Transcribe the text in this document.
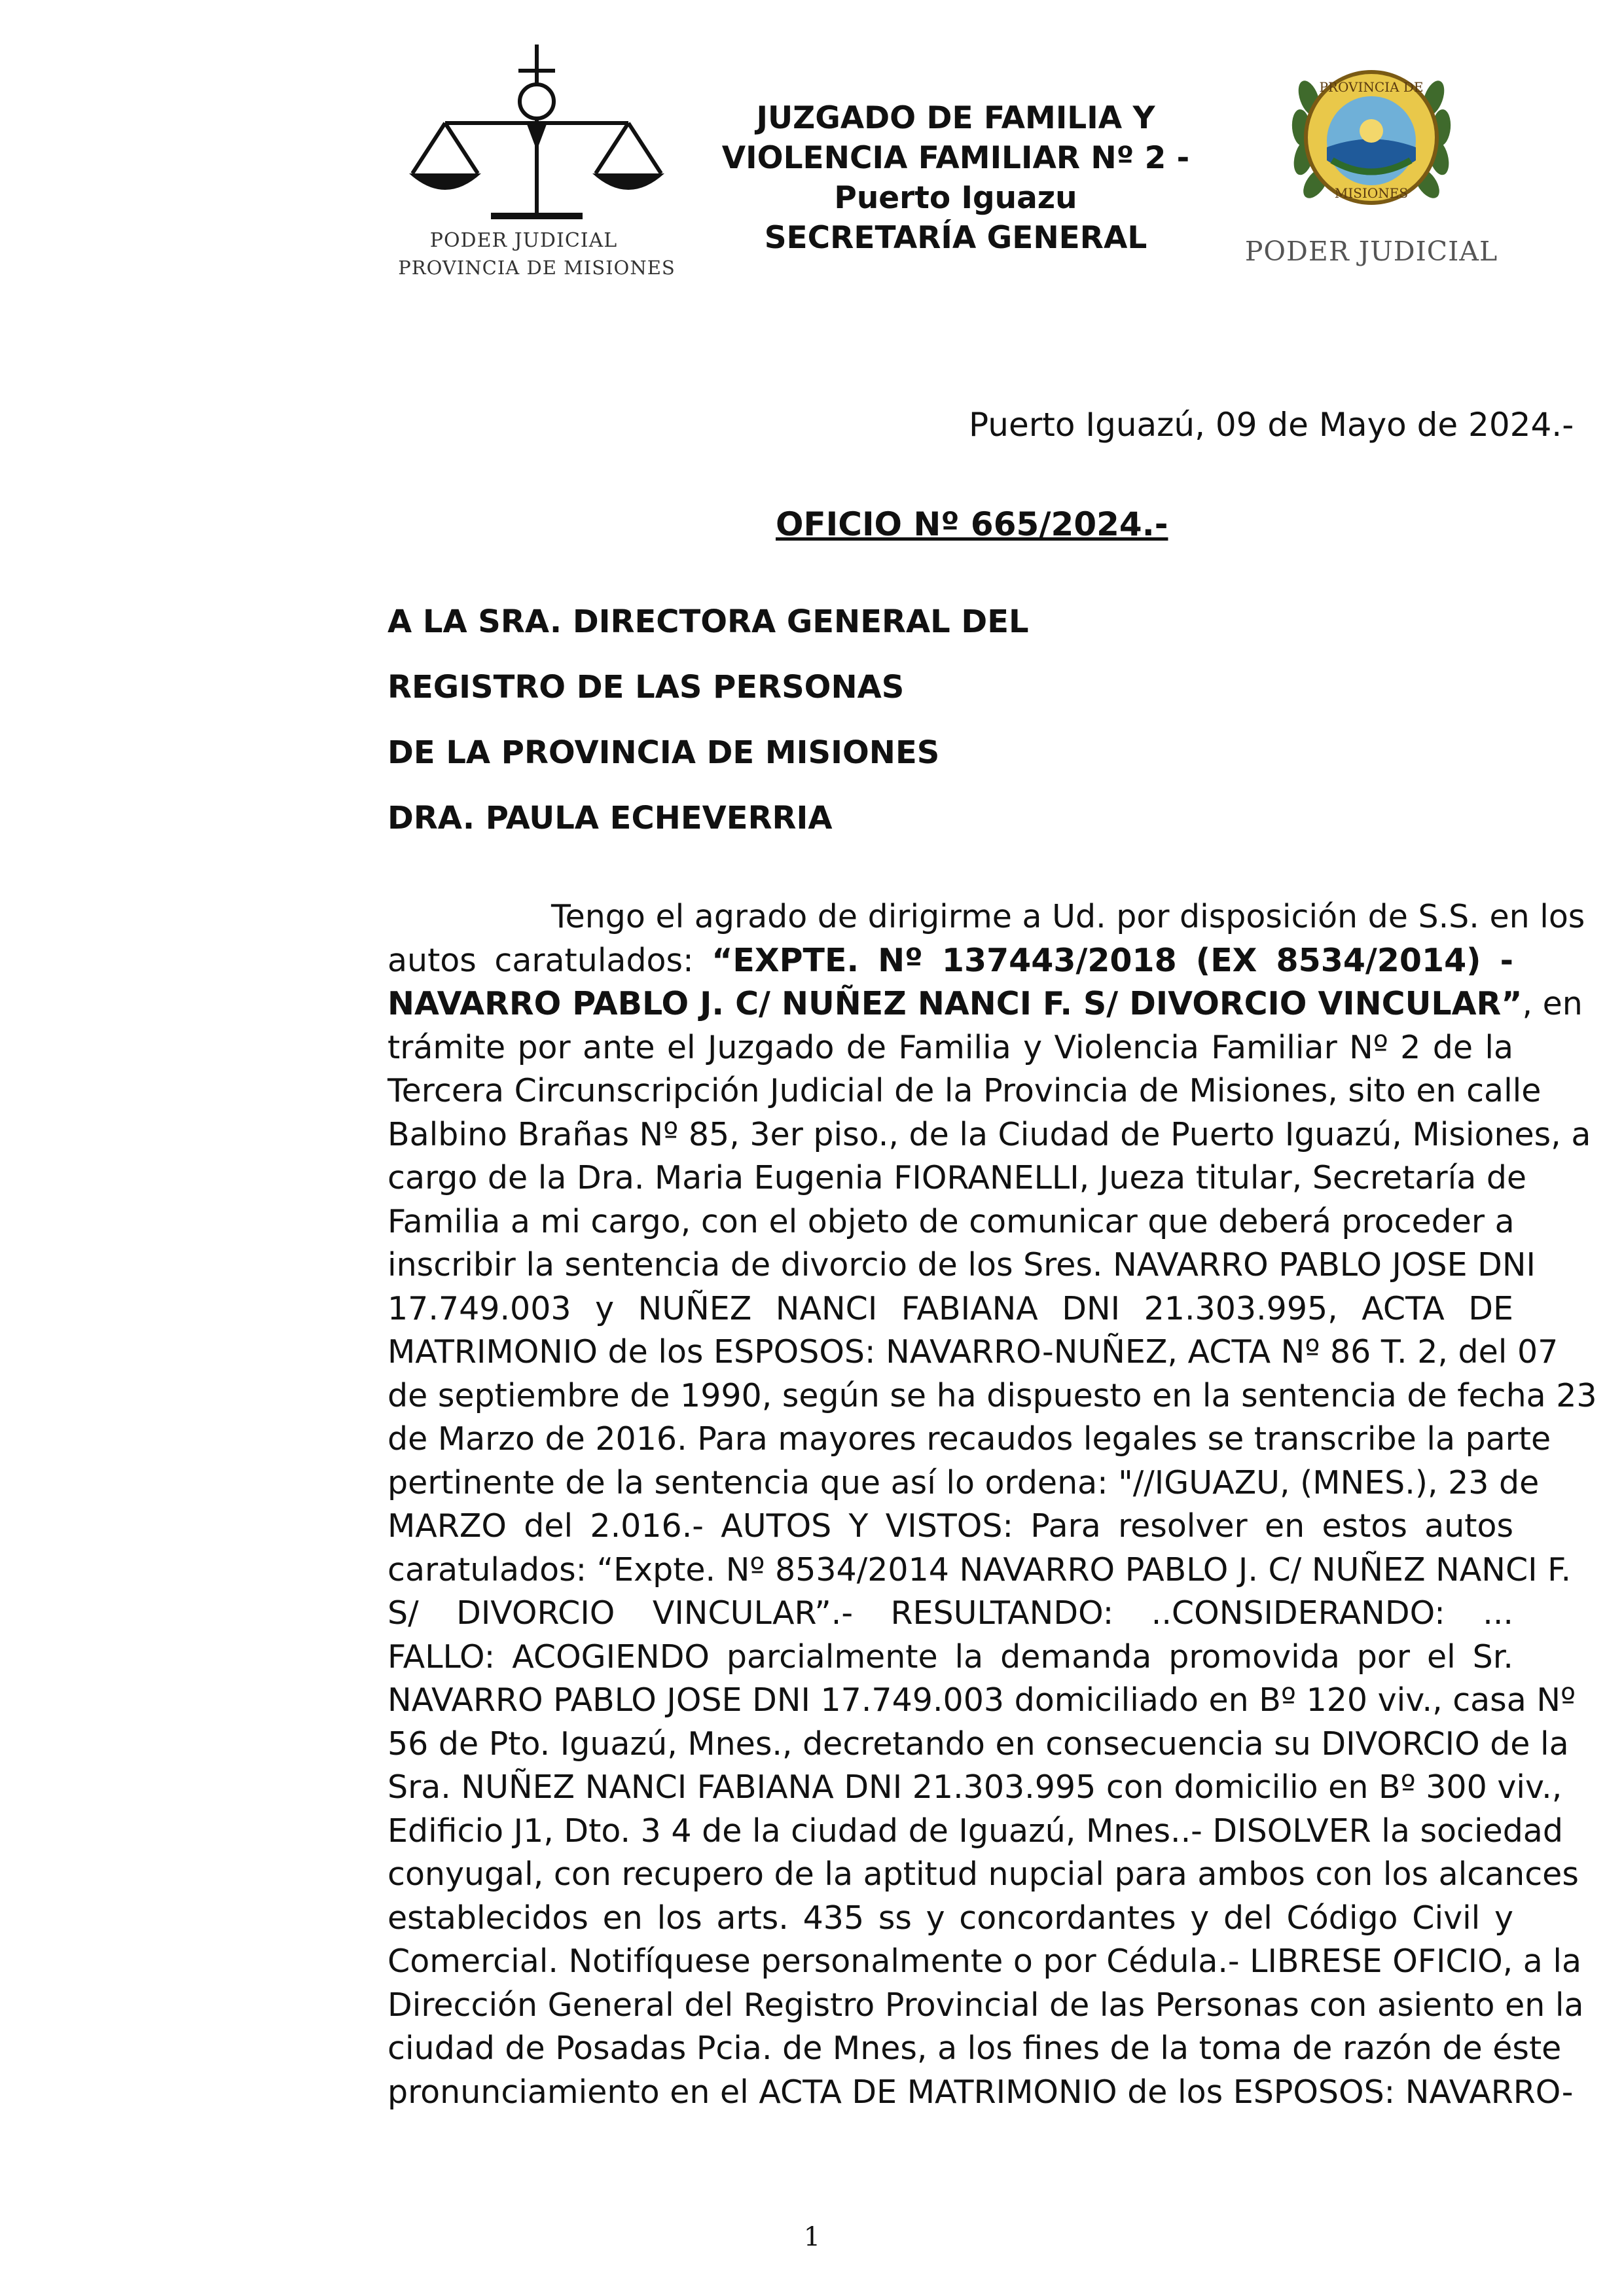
PODER JUDICIAL
PROVINCIA DE MISIONES
JUZGADO DE FAMILIA Y
VIOLENCIA FAMILIAR Nº 2 -
Puerto Iguazu
SECRETARÍA GENERAL
PROVINCIA DE
MISIONES
PODER JUDICIAL
Puerto Iguazú, 09 de Mayo de 2024.-
OFICIO Nº 665/2024.-
A LA SRA. DIRECTORA GENERAL DEL
REGISTRO DE LAS PERSONAS
DE LA PROVINCIA DE MISIONES
DRA. PAULA ECHEVERRIA
Tengo el agrado de dirigirme a Ud. por disposición de S.S. en los
autos caratulados: “EXPTE. Nº 137443/2018 (EX 8534/2014) -
NAVARRO PABLO J. C/ NUÑEZ NANCI F. S/ DIVORCIO VINCULAR”, en
trámite por ante el Juzgado de Familia y Violencia Familiar Nº 2 de la
Tercera Circunscripción Judicial de la Provincia de Misiones, sito en calle
Balbino Brañas Nº 85, 3er piso., de la Ciudad de Puerto Iguazú, Misiones, a
cargo de la Dra. Maria Eugenia FIORANELLI, Jueza titular, Secretaría de
Familia a mi cargo, con el objeto de comunicar que deberá proceder a
inscribir la sentencia de divorcio de los Sres. NAVARRO PABLO JOSE DNI
17.749.003 y NUÑEZ NANCI FABIANA DNI 21.303.995, ACTA DE
MATRIMONIO de los ESPOSOS: NAVARRO-NUÑEZ, ACTA Nº 86 T. 2, del 07
de septiembre de 1990, según se ha dispuesto en la sentencia de fecha 23
de Marzo de 2016. Para mayores recaudos legales se transcribe la parte
pertinente de la sentencia que así lo ordena: "//IGUAZU, (MNES.), 23 de
MARZO del 2.016.- AUTOS Y VISTOS: Para resolver en estos autos
caratulados: “Expte. Nº 8534/2014 NAVARRO PABLO J. C/ NUÑEZ NANCI F.
S/ DIVORCIO VINCULAR”.- RESULTANDO: ..CONSIDERANDO: ...
FALLO: ACOGIENDO parcialmente la demanda promovida por el Sr.
NAVARRO PABLO JOSE DNI 17.749.003 domiciliado en Bº 120 viv., casa Nº
56 de Pto. Iguazú, Mnes., decretando en consecuencia su DIVORCIO de la
Sra. NUÑEZ NANCI FABIANA DNI 21.303.995 con domicilio en Bº 300 viv.,
Edificio J1, Dto. 3 4 de la ciudad de Iguazú, Mnes..- DISOLVER la sociedad
conyugal, con recupero de la aptitud nupcial para ambos con los alcances
establecidos en los arts. 435 ss y concordantes y del Código Civil y
Comercial. Notifíquese personalmente o por Cédula.- LIBRESE OFICIO, a la
Dirección General del Registro Provincial de las Personas con asiento en la
ciudad de Posadas Pcia. de Mnes, a los fines de la toma de razón de éste
pronunciamiento en el ACTA DE MATRIMONIO de los ESPOSOS: NAVARRO-
1
